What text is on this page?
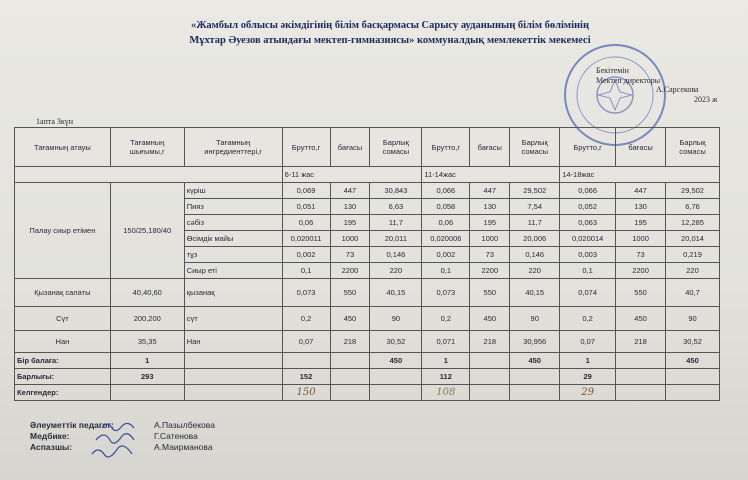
«Жамбыл облысы әкімдігінің білім басқармасы Сарысу ауданының білім бөлімінің
Мұхтар Әуезов атындағы мектеп-гимназиясы» коммуналдық мемлекеттік мекемесі
Бекітемін
Мектеп директоры
А.Сарсекова
2023 ж
1апта 3күн
Тағамның атауы	Тағамның шығымы,г	Тағамның ингредиенттері,г	Брутто,г	бағасы	Барлық сомасы	Брутто,г	бағасы	Барлық сомасы	Брутто,г	бағасы	Барлық сомасы
			6-11 жас			11-14жас			14-18жас		
Палау сиыр етімен	150/25,180/40	күріш	0,069	447	30,843	0,066	447	29,502	0,066	447	29,502
		Пияз	0,051	130	6,63	0,058	130	7,54	0,052	130	6,76
		сәбіз	0,06	195	11,7	0,06	195	11,7	0,063	195	12,285
		Өсімдік майы	0,020011	1000	20,011	0,020006	1000	20,006	0,020014	1000	20,014
		тұз	0,002	73	0,146	0,002	73	0,146	0,003	73	0,219
		Сиыр еті	0,1	2200	220	0,1	2200	220	0,1	2200	220
Қызанақ салаты	40,40,60	қызанақ	0,073	550	40,15	0,073	550	40,15	0,074	550	40,7
Сүт	200,200	сүт	0,2	450	90	0,2	450	90	0,2	450	90
Нан	35,35	Нан	0,07	218	30,52	0,071	218	30,956	0,07	218	30,52
Бір балаға:	1				450	1		450	1		450
Барлығы:	293		152			112			29		
Келгендер:			150			108			29		
Әлеуметтік педагог:	А.Пазылбекова
Медбике:	Г.Сатенова
Аспазшы:	А.Маирманова
